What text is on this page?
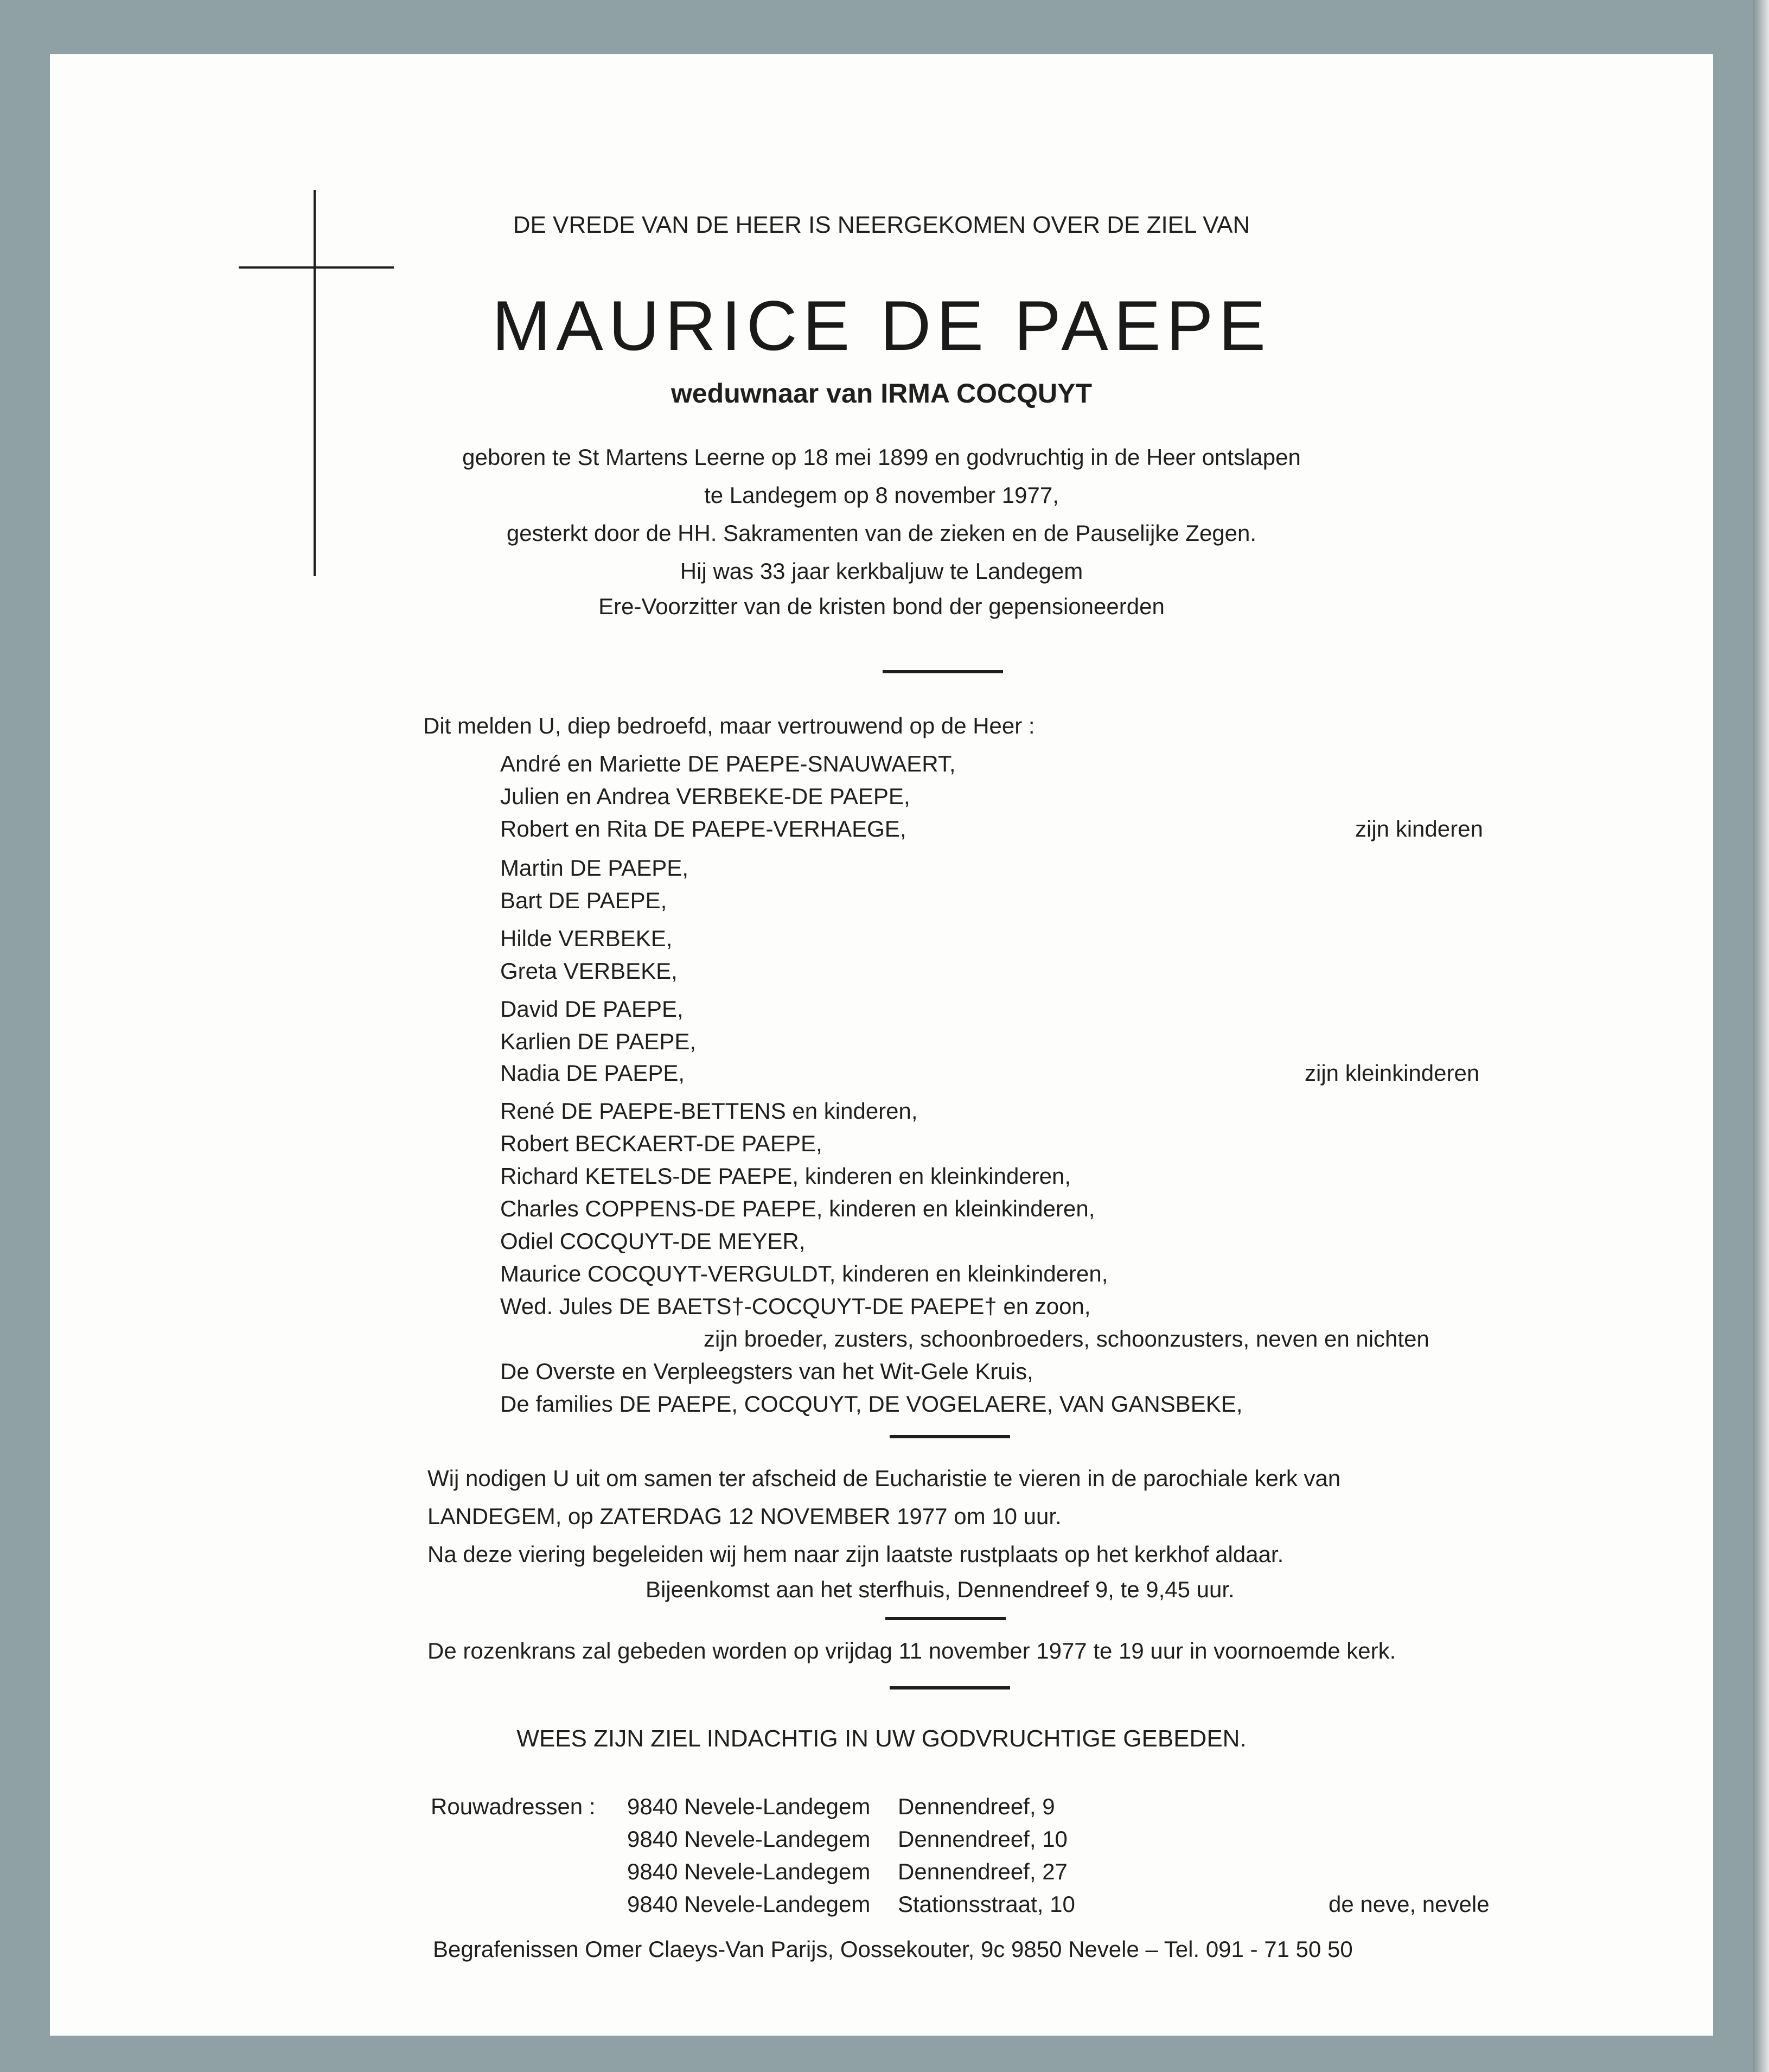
DE VREDE VAN DE HEER IS NEERGEKOMEN OVER DE ZIEL VAN
MAURICE DE PAEPE
weduwnaar van IRMA COCQUYT
geboren te St Martens Leerne op 18 mei 1899 en godvruchtig in de Heer ontslapen
te Landegem op 8 november 1977,
gesterkt door de HH. Sakramenten van de zieken en de Pauselijke Zegen.
Hij was 33 jaar kerkbaljuw te Landegem
Ere-Voorzitter van de kristen bond der gepensioneerden
Dit melden U, diep bedroefd, maar vertrouwend op de Heer :
André en Mariette DE PAEPE-SNAUWAERT,
Julien en Andrea VERBEKE-DE PAEPE,
Robert en Rita DE PAEPE-VERHAEGE,	zijn kinderen
Martin DE PAEPE,
Bart DE PAEPE,
Hilde VERBEKE,
Greta VERBEKE,
David DE PAEPE,
Karlien DE PAEPE,
Nadia DE PAEPE,	zijn kleinkinderen
René DE PAEPE-BETTENS en kinderen,
Robert BECKAERT-DE PAEPE,
Richard KETELS-DE PAEPE, kinderen en kleinkinderen,
Charles COPPENS-DE PAEPE, kinderen en kleinkinderen,
Odiel COCQUYT-DE MEYER,
Maurice COCQUYT-VERGULDT, kinderen en kleinkinderen,
Wed. Jules DE BAETS†-COCQUYT-DE PAEPE† en zoon,
zijn broeder, zusters, schoonbroeders, schoonzusters, neven en nichten
De Overste en Verpleegsters van het Wit-Gele Kruis,
De families DE PAEPE, COCQUYT, DE VOGELAERE, VAN GANSBEKE,
Wij nodigen U uit om samen ter afscheid de Eucharistie te vieren in de parochiale kerk van
LANDEGEM, op ZATERDAG 12 NOVEMBER 1977 om 10 uur.
Na deze viering begeleiden wij hem naar zijn laatste rustplaats op het kerkhof aldaar.
Bijeenkomst aan het sterfhuis, Dennendreef 9, te 9,45 uur.
De rozenkrans zal gebeden worden op vrijdag 11 november 1977 te 19 uur in voornoemde kerk.
WEES ZIJN ZIEL INDACHTIG IN UW GODVRUCHTIGE GEBEDEN.
Rouwadressen : 9840 Nevele-Landegem Dennendreef, 9
9840 Nevele-Landegem Dennendreef, 10
9840 Nevele-Landegem Dennendreef, 27
9840 Nevele-Landegem Stationsstraat, 10	de neve, nevele
Begrafenissen Omer Claeys-Van Parijs, Oossekouter, 9c 9850 Nevele – Tel. 091 - 71 50 50
